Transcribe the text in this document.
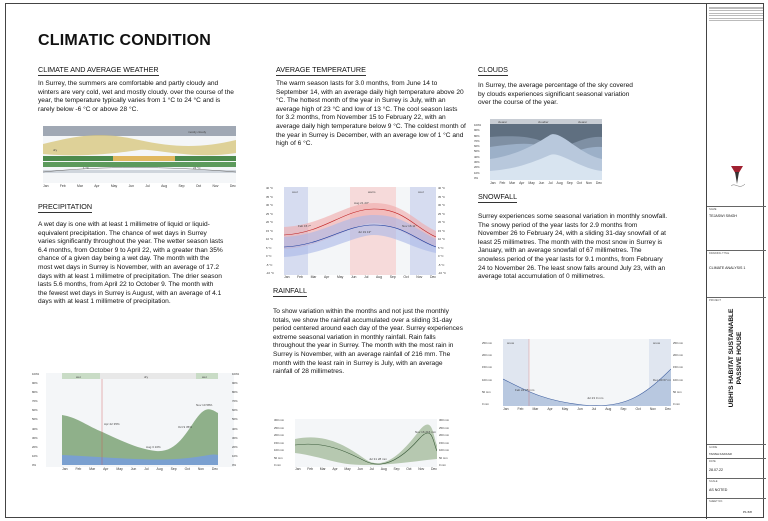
CLIMATIC CONDITION
CLIMATE AND AVERAGE WEATHER
In Surrey, the summers are comfortable and partly cloudy and winters are very cold, wet and mostly cloudy. over the course of the year, the temperature typically varies from 1 °C to 24 °C and is rarely below -6 °C or above 28 °C.
dry
1 °C	24 °C
mostly cloudy
Jan	Feb	Mar	Apr	May	Jun	Jul	Aug	Sep	Oct	Nov	Dec
PRECIPITATION
A wet day is one with at least 1 millimetre of liquid or liquid-equivalent precipitation. The chance of wet days in Surrey varies significantly throughout the year. The wetter season lasts 6.4 months, from October 9 to April 22, with a greater than 35% chance of a given day being a wet day. The month with the most wet days in Surrey is November, with an average of 17.2 days with at least 1 millimetre of precipitation. The drier season lasts 5.6 months, from April 22 to October 9. The month with the fewest wet days in Surrey is August, with an average of 4.1 days with at least 1 millimetre of precipitation.
wet	dry	wet
Apr 22 35%
Aug 3 10%
Oct 9 35%
Nov 10 58%
0%
10%
20%
30%
40%
50%
60%
70%
80%
90%
100%
0%
10%
20%
30%
40%
50%
60%
70%
80%
90%
100%
Jan Feb Mar Apr May Jun Jul Aug Sep Oct Nov Dec
AVERAGE TEMPERATURE
The warm season lasts for 3.0 months, from June 14 to September 14, with an average daily high temperature above 20 °C. The hottest month of the year in Surrey is July, with an average high of 23 °C and low of 13 °C. The cool season lasts for 3.2 months, from November 15 to February 22, with an average daily high temperature below 9 °C. The coldest month of the year in Surrey is December, with an average low of 1 °C and high of 6 °C.
cool	warm	cool
Feb 15 7°
Aug 21 23°
Nov 16 11°
Jul 19 13°
-10 °C
-5 °C
0 °C
5 °C
10 °C
15 °C
20 °C
25 °C
30 °C
35 °C
40 °C
-10 °C
-5 °C
0 °C
5 °C
10 °C
15 °C
20 °C
25 °C
30 °C
35 °C
40 °C
Jan Feb Mar Apr May Jun Jul Aug Sep Oct Nov Dec
RAINFALL
To show variation within the months and not just the monthly totals, we show the rainfall accumulated over a sliding 31-day period centered around each day of the year. Surrey experiences extreme seasonal variation in monthly rainfall. Rain falls throughout the year in Surrey. The month with the most rain in Surrey is November, with an average rainfall of 216 mm. The month with the least rain in Surrey is July, with an average rainfall of 28 millimetres.
Nov 16 216 mm
Jul 31 28 mm
0 mm
50 mm
100 mm
150 mm
200 mm
250 mm
300 mm
0 mm
50 mm
100 mm
150 mm
200 mm
250 mm
300 mm
Jan Feb Mar Apr May Jun Jul Aug Sep Oct Nov Dec
CLOUDS
In Surrey, the average percentage of the sky covered by clouds experiences significant seasonal variation over the course of the year.
clearer	cloudier	clearer
0%
10%
20%
30%
40%
50%
60%
70%
80%
90%
100%
Jan Feb Mar Apr May Jun Jul Aug Sep Oct Nov Dec
SNOWFALL
Surrey experiences some seasonal variation in monthly snowfall. The snowy period of the year lasts for 2.9 months from November 26 to February 24, with a sliding 31-day snowfall of at least 25 millimetres. The month with the most snow in Surrey is January, with an average snowfall of 67 millimetres. The snowless period of the year lasts for 9.1 months, from February 24 to November 26. The least snow falls around July 23, with an average total accumulation of 0 millimetres.
snow	snow
Feb 24 25 mm
Jul 23 0 mm
Dec 30 67 mm
0 mm
50 mm
100 mm
150 mm
200 mm
250 mm
0 mm
50 mm
100 mm
150 mm
200 mm
250 mm
Jan	Feb	Mar	Apr	May	Jun	Jul	Aug	Sep	Oct	Nov	Dec
NAME
TEJASWI SINGH
DRAWING TITLE
CLIMATE ANALYSIS 1
PROJECT
UBHI'S HABITAT SUSTAINABLE PASSIVE HOUSE
GUIDE
TANNA KAKKAR
DATE
28.07.22
SCALE
AS NOTED
SHEET NO.
P1-5/8
